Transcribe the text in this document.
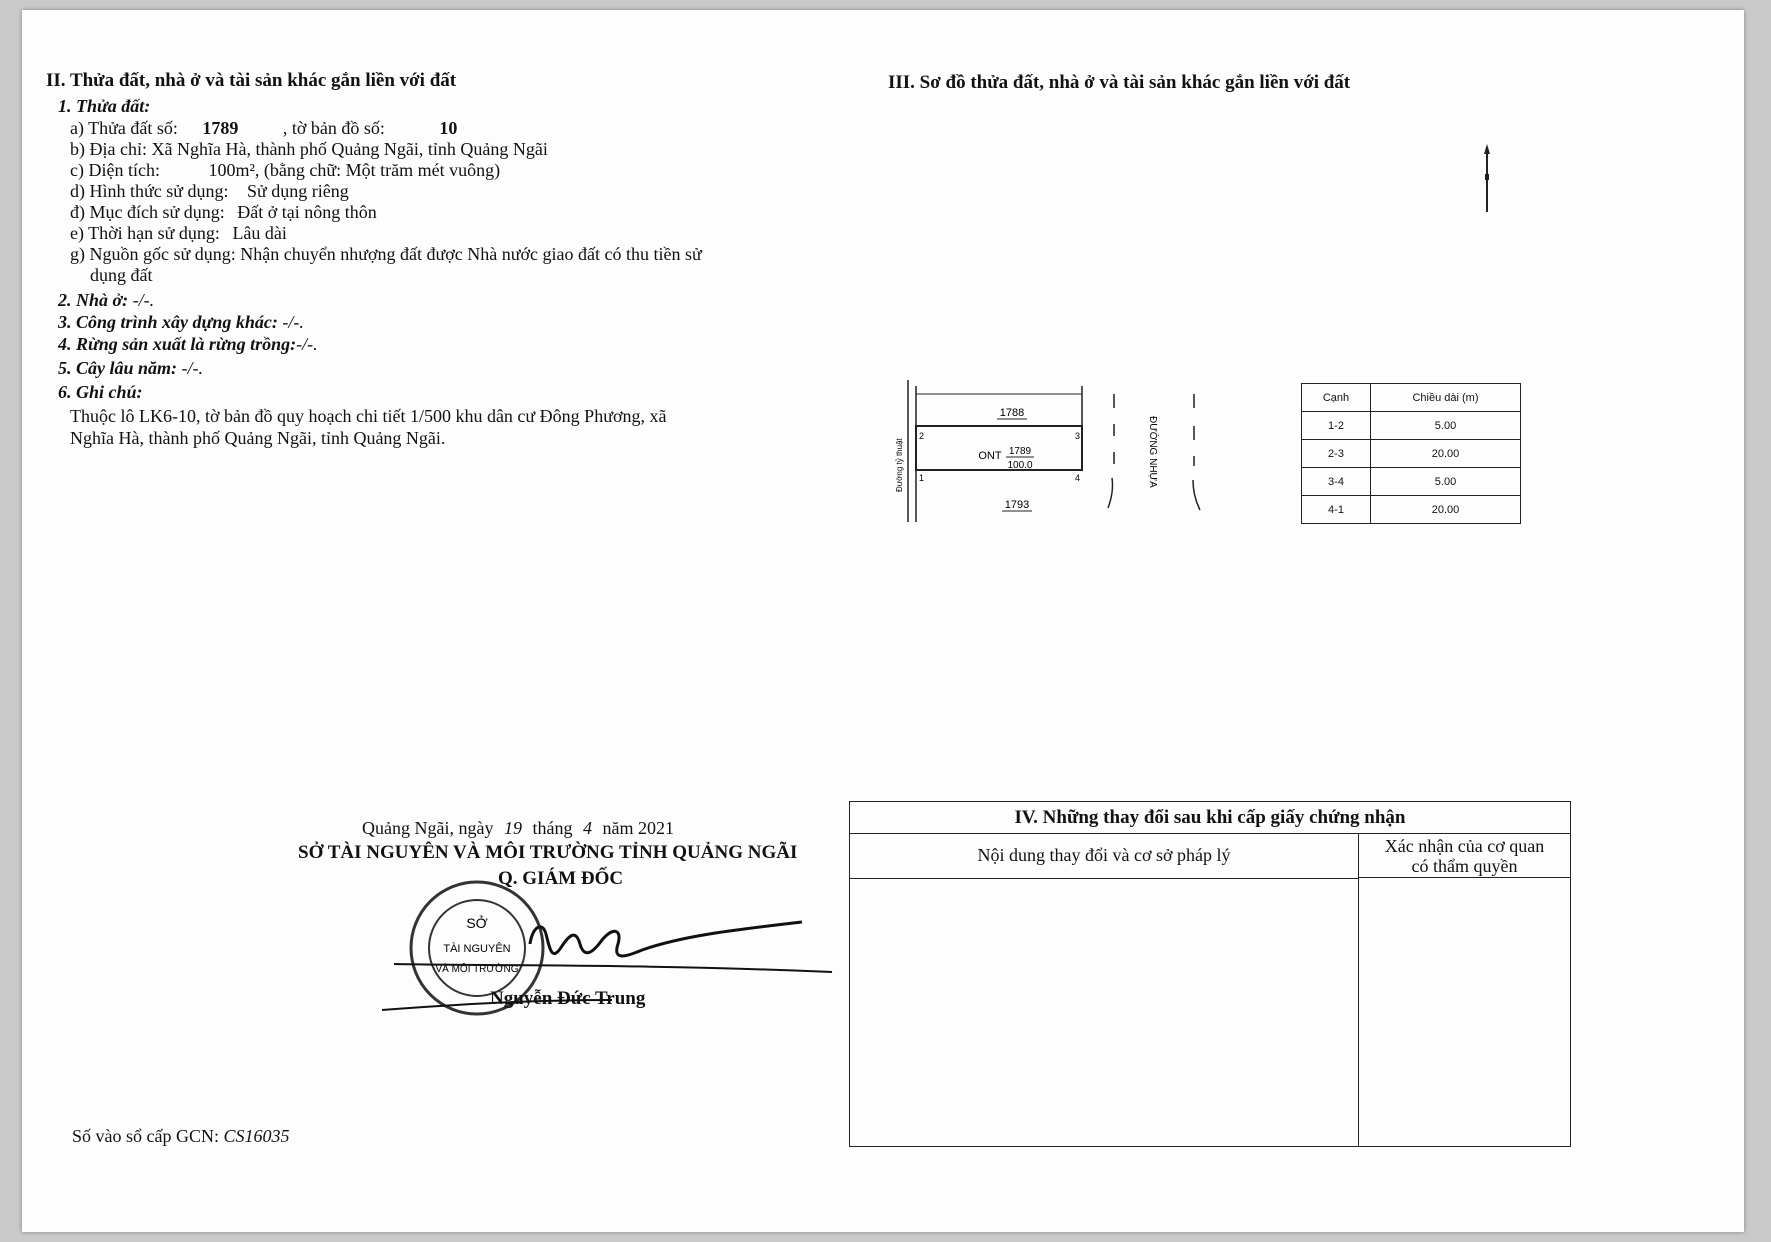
II. Thửa đất, nhà ở và tài sản khác gắn liền với đất
1. Thửa đất:
a) Thửa đất số: 1789 , tờ bản đồ số:	10
b) Địa chỉ: Xã Nghĩa Hà, thành phố Quảng Ngãi, tỉnh Quảng Ngãi
c) Diện tích:	100m², (bằng chữ: Một trăm mét vuông)
d) Hình thức sử dụng: Sử dụng riêng
đ) Mục đích sử dụng: Đất ở tại nông thôn
e) Thời hạn sử dụng: Lâu dài
g) Nguồn gốc sử dụng: Nhận chuyển nhượng đất được Nhà nước giao đất có thu tiền sử
dụng đất
2. Nhà ở: -/-.
3. Công trình xây dựng khác: -/-.
4. Rừng sản xuất là rừng trồng:-/-.
5. Cây lâu năm: -/-.
6. Ghi chú:
Thuộc lô LK6-10, tờ bản đồ quy hoạch chi tiết 1/500 khu dân cư Đông Phương, xã
Nghĩa Hà, thành phố Quảng Ngãi, tỉnh Quảng Ngãi.
III. Sơ đồ thửa đất, nhà ở và tài sản khác gắn liền với đất
1788
1793
ONT 1789
100.0
2	3
1	4
Đường tỷ thuật	ĐƯỜNG NHỰA
Cạnh	Chiều dài (m)
1-2	5.00
2-3	20.00
3-4	5.00
4-1	20.00
IV. Những thay đổi sau khi cấp giấy chứng nhận
Nội dung thay đổi và cơ sở pháp lý	Xác nhận của cơ quan
có thẩm quyền
Quảng Ngãi, ngày 19 tháng 4 năm 2021
SỞ TÀI NGUYÊN VÀ MÔI TRƯỜNG TỈNH QUẢNG NGÃI
Q. GIÁM ĐỐC
SỞ
TÀI NGUYÊN
VÀ MÔI TRƯỜNG
Nguyễn Đức Trung
Số vào sổ cấp GCN: CS16035
